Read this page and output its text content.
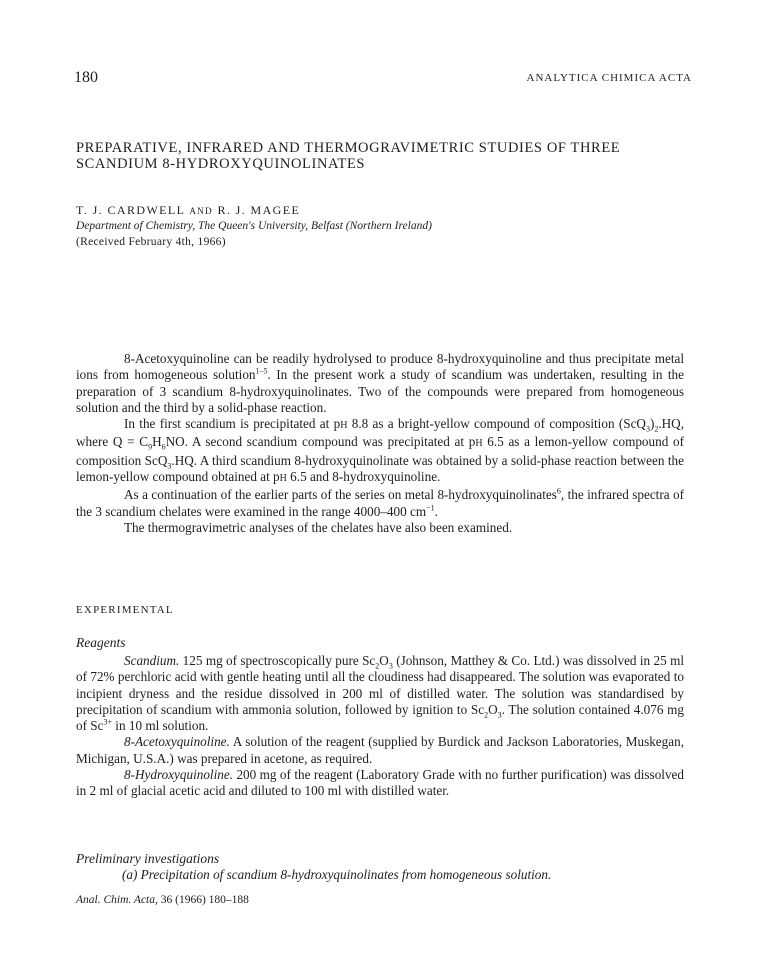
180	ANALYTICA CHIMICA ACTA
PREPARATIVE, INFRARED AND THERMOGRAVIMETRIC STUDIES OF THREE SCANDIUM 8-HYDROXYQUINOLINATES
T. J. CARDWELL AND R. J. MAGEE
Department of Chemistry, The Queen's University, Belfast (Northern Ireland)
(Received February 4th, 1966)

8-Acetoxyquinoline can be readily hydrolysed to produce 8-hydroxyquinoline and thus precipitate metal ions from homogeneous solution$^{1-5}$. In the present work a study of scandium was undertaken, resulting in the preparation of 3 scandium 8-hydroxyquinolinates. Two of the compounds were prepared from homogeneous solution and the third by a solid-phase reaction.

In the first scandium is precipitated at pH 8.8 as a bright-yellow compound of composition $(ScQ_3)_2.HQ$, where $Q = C_9H_6NO$. A second scandium compound was precipitated at pH 6.5 as a lemon-yellow compound of composition ScQ$_3$.HQ. A third scandium 8-hydroxyquinolinate was obtained by a solid-phase reaction between the lemon-yellow compound obtained at pH 6.5 and 8-hydroxyquinoline.

As a continuation of the earlier parts of the series on metal 8-hydroxyquinolinates$^6$, the infrared spectra of the 3 scandium chelates were examined in the range 4000–400 $cm^{-1}$.

The thermogravimetric analyses of the chelates have also been examined.

EXPERIMENTAL
Reagents

Scandium. 125 mg of spectroscopically pure $Sc_2O_3$ (Johnson, Matthey & Co. Ltd.) was dissolved in 25 ml of 72% perchloric acid with gentle heating until all the cloudiness had disappeared. The solution was evaporated to incipient dryness and the residue dissolved in 200 ml of distilled water. The solution was standardised by precipitation of scandium with ammonia solution, followed by ignition to $Sc_2O_3$. The solution contained 4.076 mg of $Sc^{3+}$ in 10 ml solution.

8-Acetoxyquinoline. A solution of the reagent (supplied by Burdick and Jackson Laboratories, Muskegan, Michigan, U.S.A.) was prepared in acetone, as required.

8-Hydroxyquinoline. 200 mg of the reagent (Laboratory Grade with no further purification) was dissolved in 2 ml of glacial acetic acid and diluted to 100 ml with distilled water.

Preliminary investigations
(a) Precipitation of scandium 8-hydroxyquinolinates from homogeneous solution.
Anal. Chim. Acta, 36 (1966) 180–188
